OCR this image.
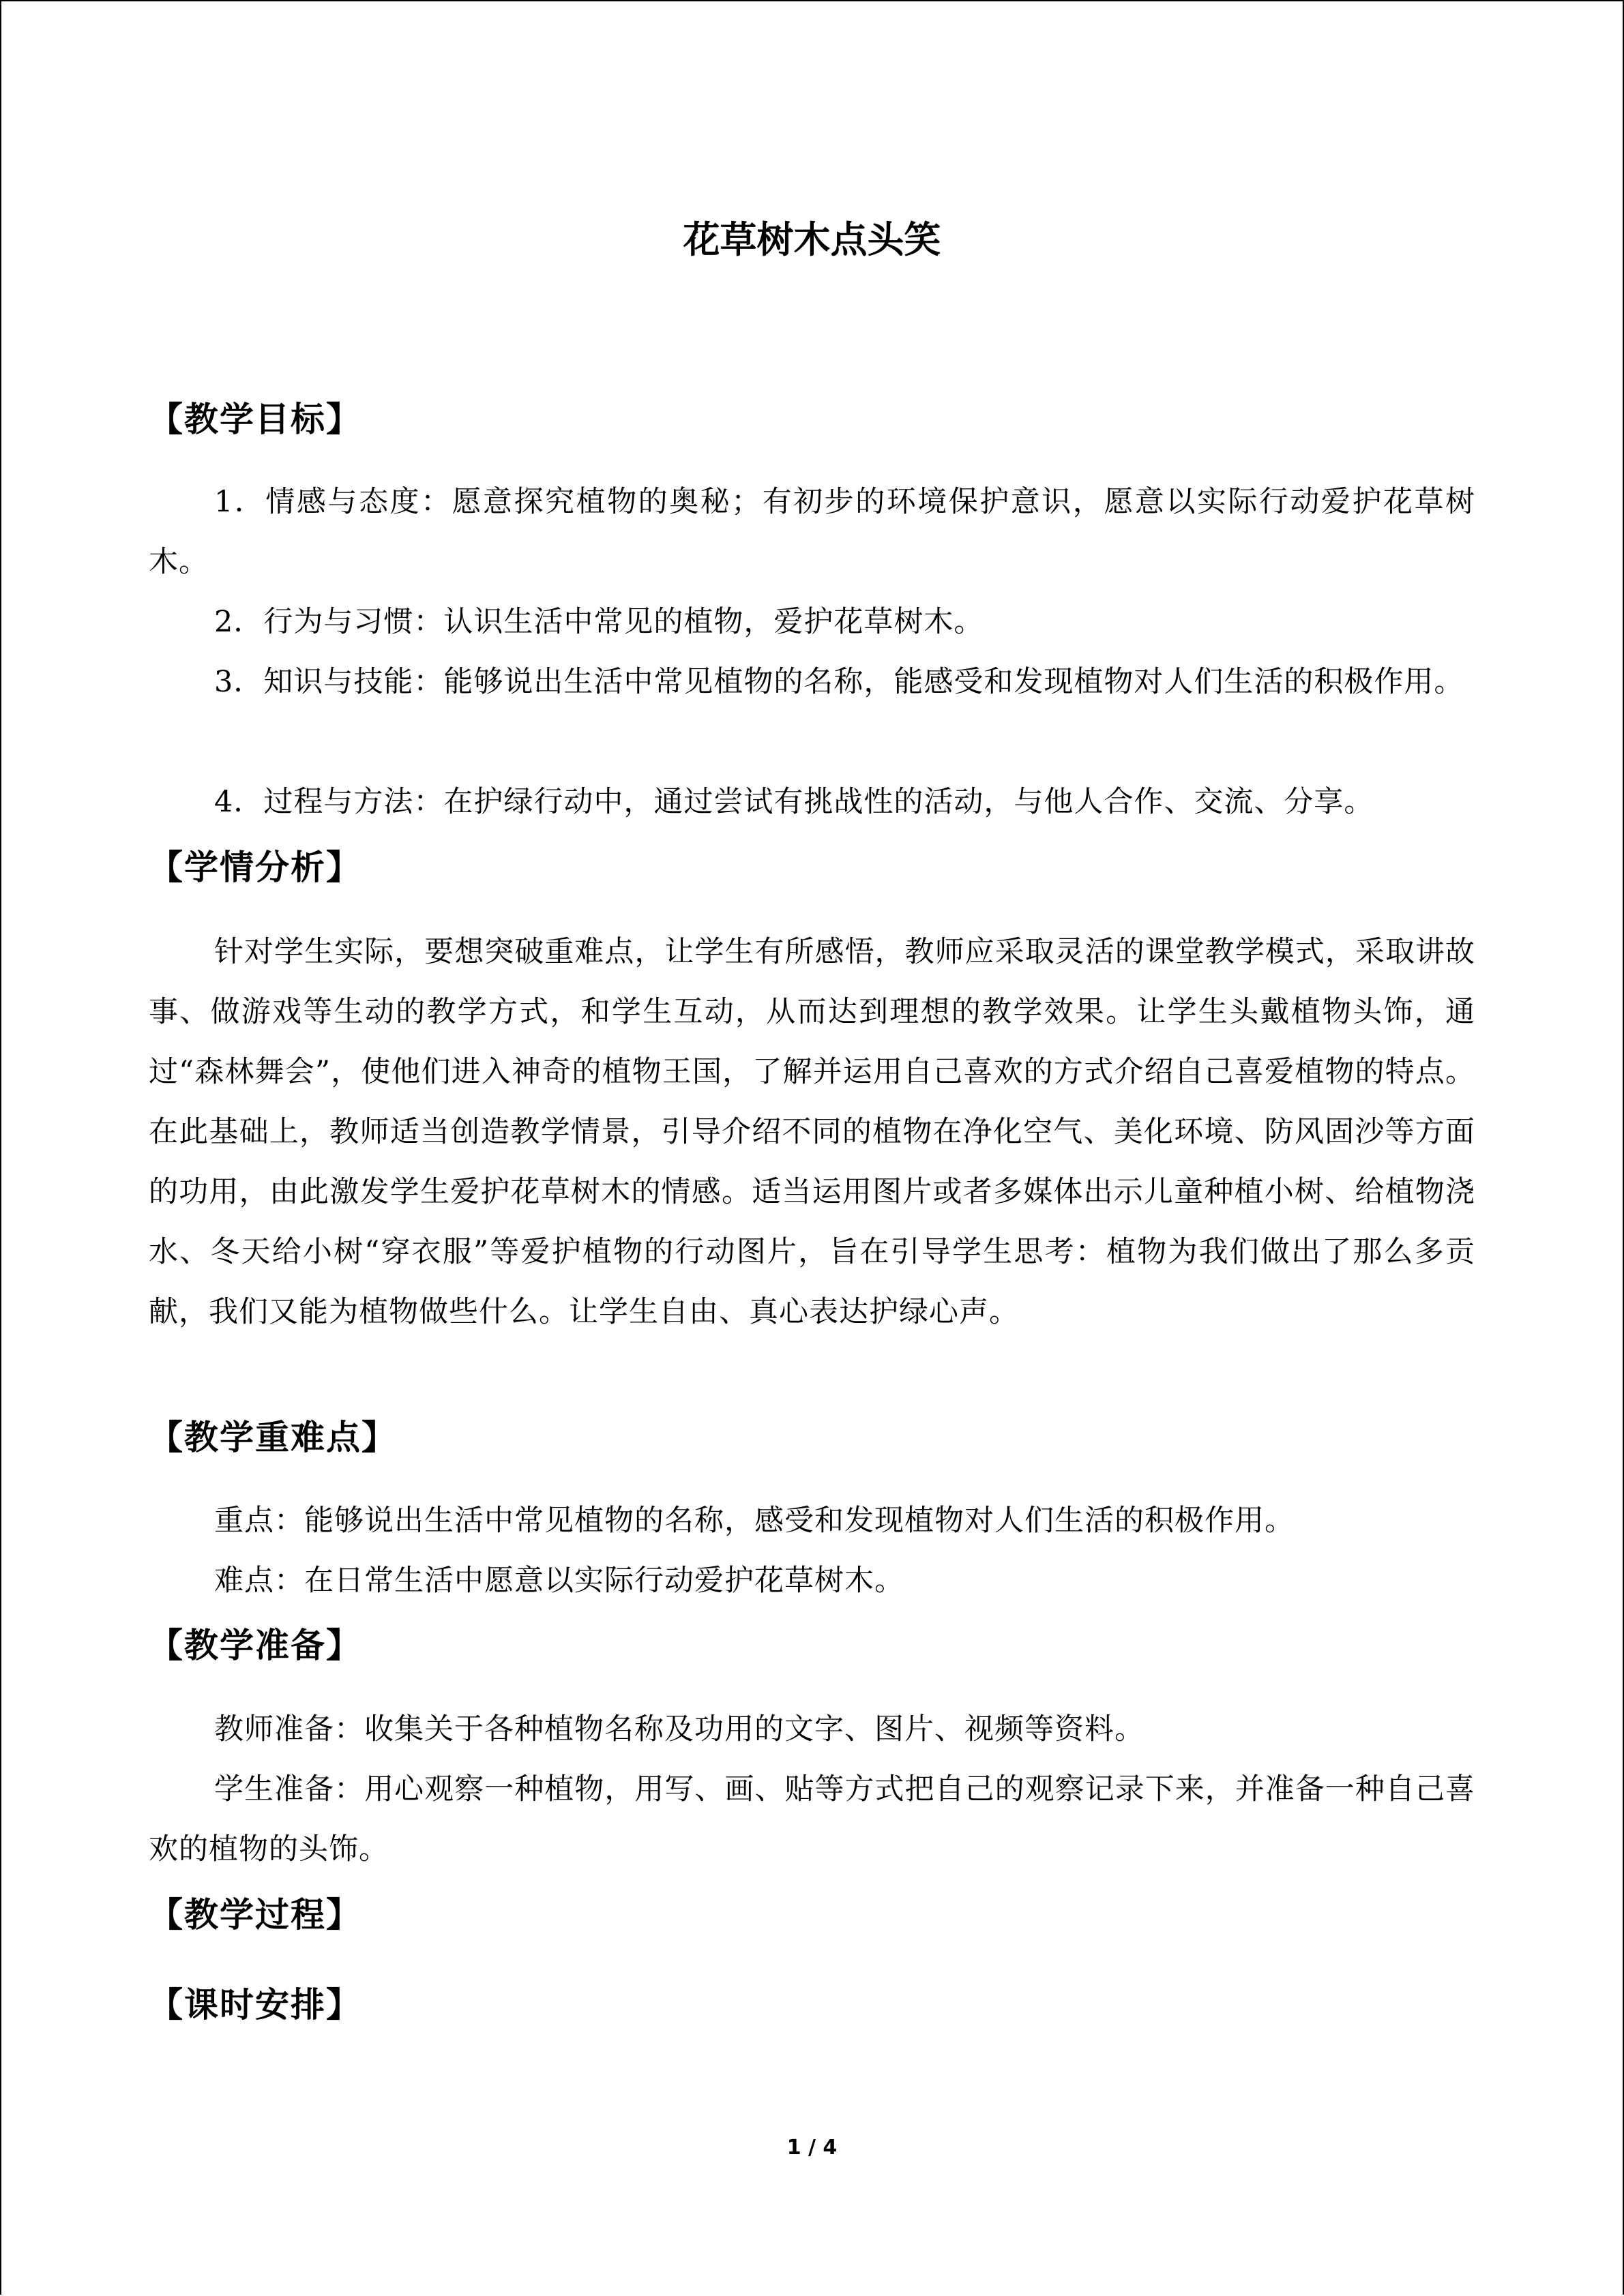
花草树木点头笑
【教学目标】
1．情感与态度：愿意探究植物的奥秘；有初步的环境保护意识，愿意以实际行动爱护花草树木。
2．行为与习惯：认识生活中常见的植物，爱护花草树木。
3．知识与技能：能够说出生活中常见植物的名称，能感受和发现植物对人们生活的积极作用。
4．过程与方法：在护绿行动中，通过尝试有挑战性的活动，与他人合作、交流、分享。
【学情分析】
针对学生实际，要想突破重难点，让学生有所感悟，教师应采取灵活的课堂教学模式，采取讲故事、做游戏等生动的教学方式，和学生互动，从而达到理想的教学效果。让学生头戴植物头饰，通过“森林舞会”，使他们进入神奇的植物王国，了解并运用自己喜欢的方式介绍自己喜爱植物的特点。在此基础上，教师适当创造教学情景，引导介绍不同的植物在净化空气、美化环境、防风固沙等方面的功用，由此激发学生爱护花草树木的情感。适当运用图片或者多媒体出示儿童种植小树、给植物浇水、冬天给小树“穿衣服”等爱护植物的行动图片，旨在引导学生思考：植物为我们做出了那么多贡献，我们又能为植物做些什么。让学生自由、真心表达护绿心声。
【教学重难点】
重点：能够说出生活中常见植物的名称，感受和发现植物对人们生活的积极作用。
难点：在日常生活中愿意以实际行动爱护花草树木。
【教学准备】
教师准备：收集关于各种植物名称及功用的文字、图片、视频等资料。
学生准备：用心观察一种植物，用写、画、贴等方式把自己的观察记录下来，并准备一种自己喜欢的植物的头饰。
【教学过程】
【课时安排】
1 / 4
